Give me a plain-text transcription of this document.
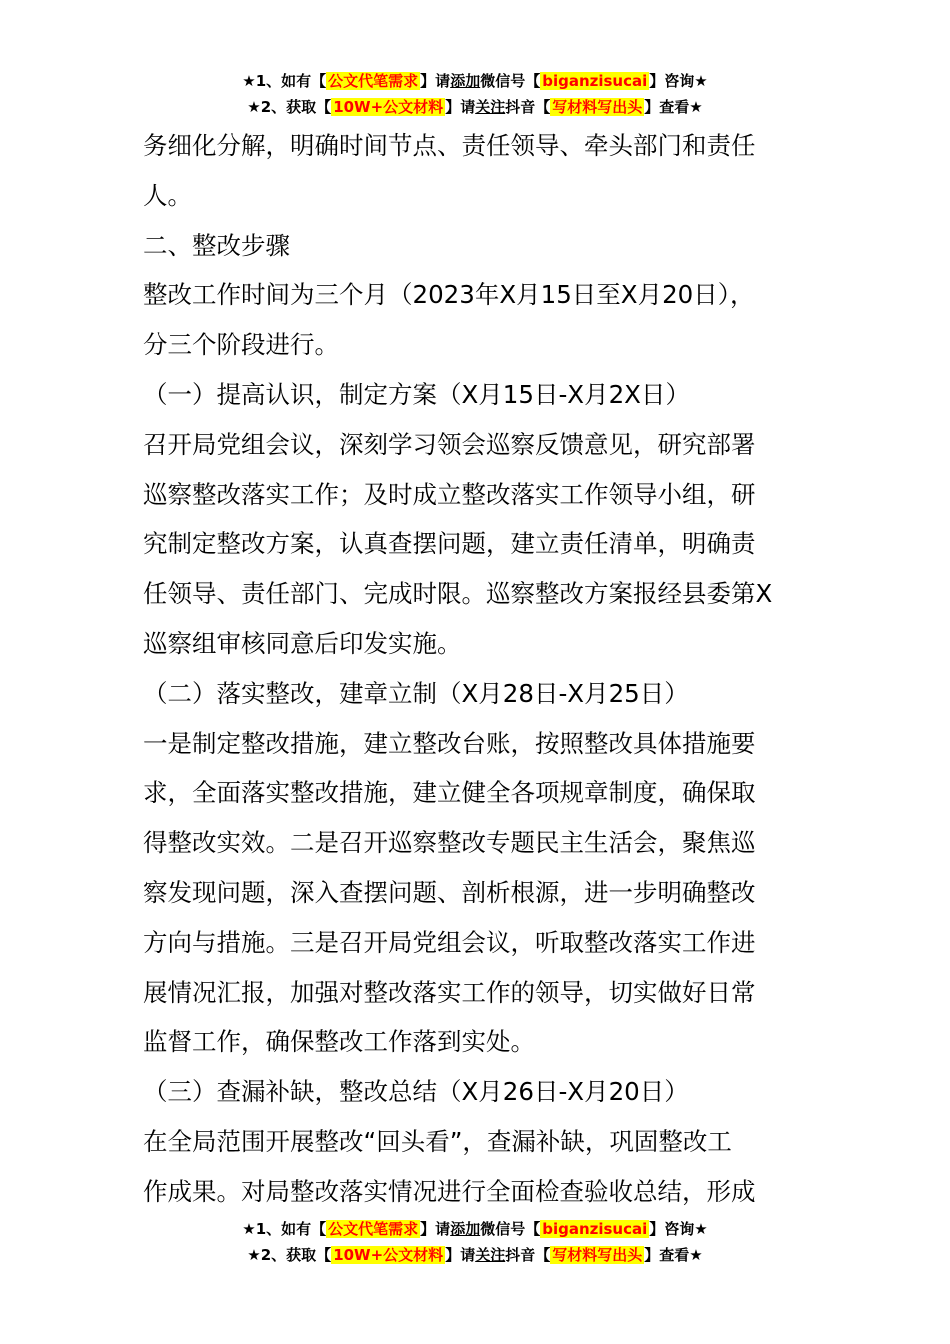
★1、如有【 公文代笔需求 】请添加微信号【 biganzisucai 】咨询★
★2、获取【 10W+公文材料 】请关注抖音【 写材料写出头 】查看★
务细化分解，明确时间节点、责任领导、牵头部门和责任
人。
二、整改步骤
整改工作时间为三个月（2023年X月15日至X月20日），
分三个阶段进行。
（一）提高认识，制定方案（X月15日-X月2X日）
召开局党组会议，深刻学习领会巡察反馈意见，研究部署
巡察整改落实工作；及时成立整改落实工作领导小组，研
究制定整改方案，认真查摆问题，建立责任清单，明确责
任领导、责任部门、完成时限。巡察整改方案报经县委第X
巡察组审核同意后印发实施。
（二）落实整改，建章立制（X月28日-X月25日）
一是制定整改措施，建立整改台账，按照整改具体措施要
求，全面落实整改措施，建立健全各项规章制度，确保取
得整改实效。二是召开巡察整改专题民主生活会，聚焦巡
察发现问题，深入查摆问题、剖析根源，进一步明确整改
方向与措施。三是召开局党组会议，听取整改落实工作进
展情况汇报，加强对整改落实工作的领导，切实做好日常
监督工作，确保整改工作落到实处。
（三）查漏补缺，整改总结（X月26日-X月20日）
在全局范围开展整改“回头看”，查漏补缺，巩固整改工
作成果。对局整改落实情况进行全面检查验收总结，形成
★1、如有【 公文代笔需求 】请添加微信号【 biganzisucai 】咨询★
★2、获取【 10W+公文材料 】请关注抖音【 写材料写出头 】查看★
